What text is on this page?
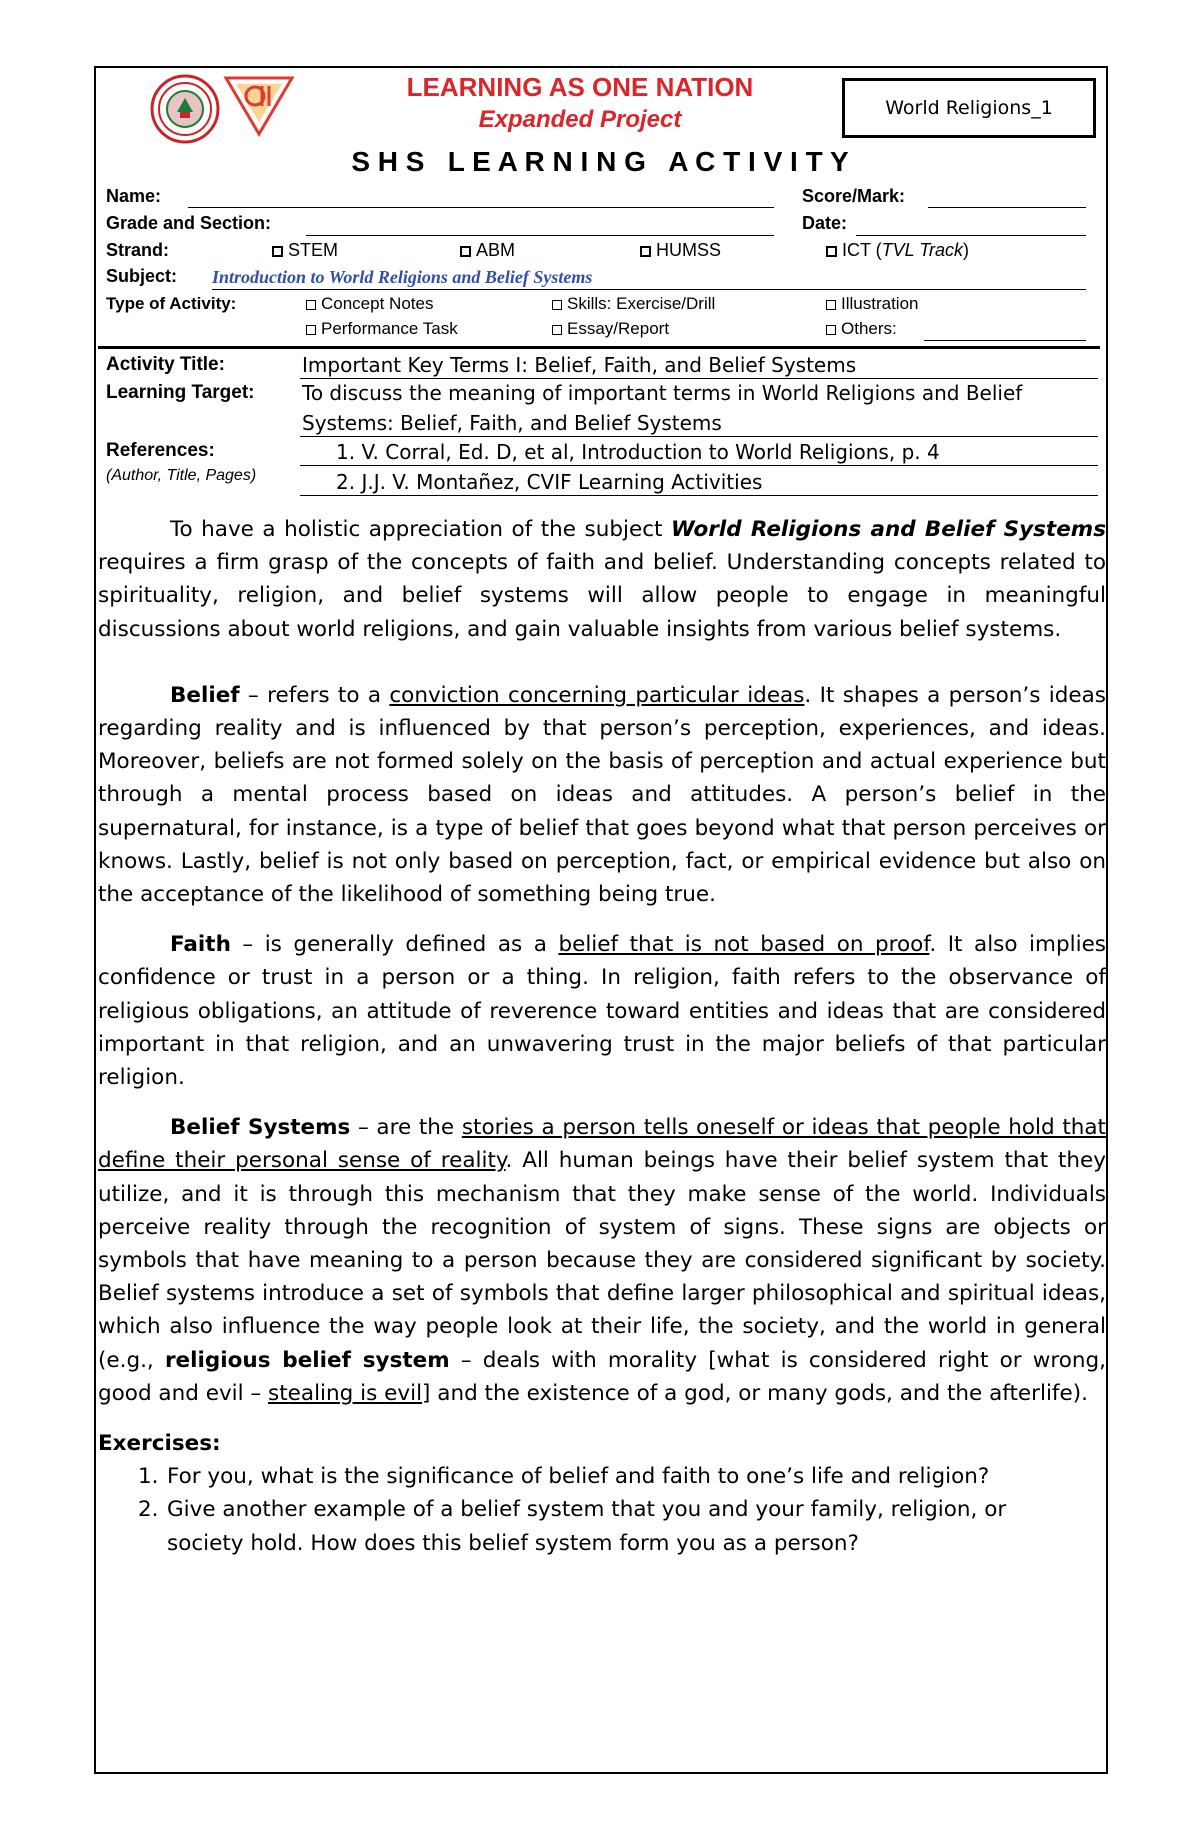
LEARNING AS ONE NATION
Expanded Project	World Religions_1
S H S   L E A R N I N G   A C T I V I T Y
Name:	Score/Mark:
Grade and Section:	Date:
Strand:	STEM	ABM	HUMSS	ICT (TVL Track)
Subject: Introduction to World Religions and Belief Systems
Type of Activity:	Concept Notes	Skills: Exercise/Drill	Illustration
Performance Task	Essay/Report	Others:
Activity Title:	Important Key Terms I: Belief, Faith, and Belief Systems
Learning Target: To discuss the meaning of important terms in World Religions and Belief
Systems: Belief, Faith, and Belief Systems
References:
(Author, Title, Pages)
1. V. Corral, Ed. D, et al, Introduction to World Religions, p. 4
2. J.J. V. Montañez, CVIF Learning Activities

To have a holistic appreciation of the subject World Religions and Belief Systems requires a firm grasp of the concepts of faith and belief. Understanding concepts related to spirituality, religion, and belief systems will allow people to engage in meaningful discussions about world religions, and gain valuable insights from various belief systems.

Belief – refers to a conviction concerning particular ideas. It shapes a person’s ideas regarding reality and is influenced by that person’s perception, experiences, and ideas. Moreover, beliefs are not formed solely on the basis of perception and actual experience but through a mental process based on ideas and attitudes. A person’s belief in the supernatural, for instance, is a type of belief that goes beyond what that person perceives or knows. Lastly, belief is not only based on perception, fact, or empirical evidence but also on the acceptance of the likelihood of something being true.

Faith – is generally defined as a belief that is not based on proof. It also implies confidence or trust in a person or a thing. In religion, faith refers to the observance of religious obligations, an attitude of reverence toward entities and ideas that are considered important in that religion, and an unwavering trust in the major beliefs of that particular religion.

Belief Systems – are the stories a person tells oneself or ideas that people hold that define their personal sense of reality. All human beings have their belief system that they utilize, and it is through this mechanism that they make sense of the world. Individuals perceive reality through the recognition of system of signs. These signs are objects or symbols that have meaning to a person because they are considered significant by society. Belief systems introduce a set of symbols that define larger philosophical and spiritual ideas, which also influence the way people look at their life, the society, and the world in general (e.g., religious belief system – deals with morality [what is considered right or wrong, good and evil – stealing is evil] and the existence of a god, or many gods, and the afterlife).

Exercises:

1. For you, what is the significance of belief and faith to one’s life and religion?
2. Give another example of a belief system that you and your family, religion, or society hold. How does this belief system form you as a person?
